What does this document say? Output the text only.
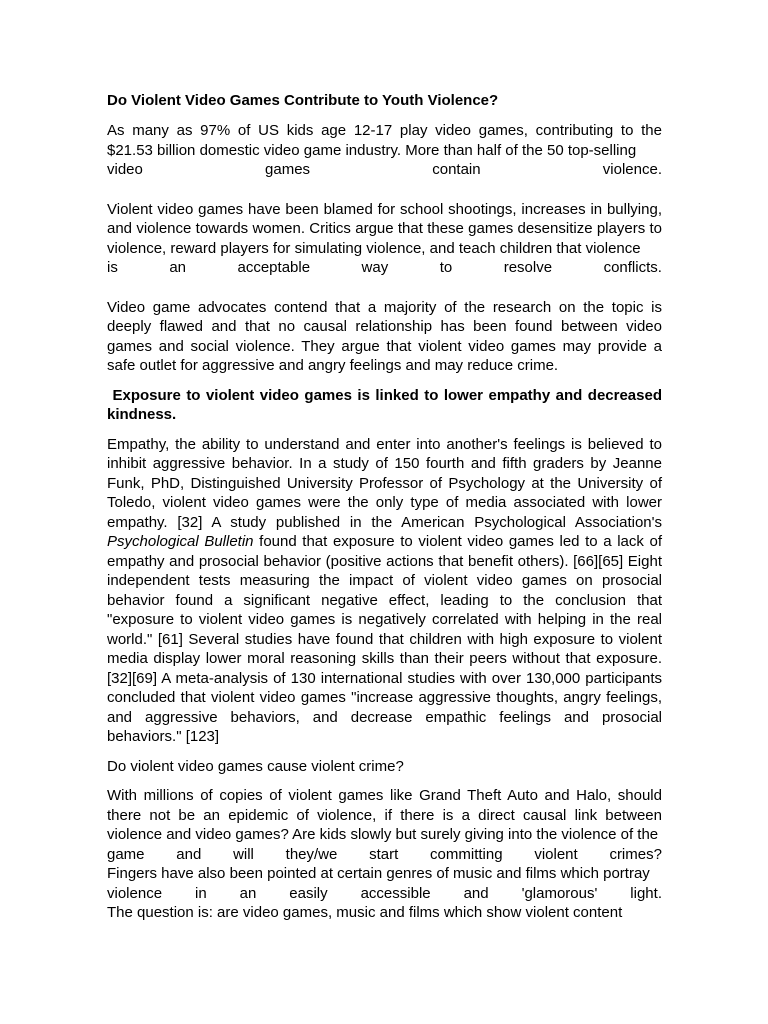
Do Violent Video Games Contribute to Youth Violence?
As many as 97% of US kids age 12-17 play video games, contributing to the $21.53 billion domestic video game industry. More than half of the 50 top-selling
video	games	contain	violence.
Violent video games have been blamed for school shootings, increases in bullying, and violence towards women. Critics argue that these games desensitize players to violence, reward players for simulating violence, and teach children that violence
is	an	acceptable	way	to	resolve	conflicts.
Video game advocates contend that a majority of the research on the topic is deeply flawed and that no causal relationship has been found between video games and social violence. They argue that violent video games may provide a safe outlet for aggressive and angry feelings and may reduce crime.
Exposure to violent video games is linked to lower empathy and decreased kindness.
Empathy, the ability to understand and enter into another's feelings is believed to inhibit aggressive behavior. In a study of 150 fourth and fifth graders by Jeanne Funk, PhD, Distinguished University Professor of Psychology at the University of Toledo, violent video games were the only type of media associated with lower empathy. [32] A study published in the American Psychological Association's Psychological Bulletin found that exposure to violent video games led to a lack of empathy and prosocial behavior (positive actions that benefit others). [66][65] Eight independent tests measuring the impact of violent video games on prosocial behavior found a significant negative effect, leading to the conclusion that "exposure to violent video games is negatively correlated with helping in the real world." [61] Several studies have found that children with high exposure to violent media display lower moral reasoning skills than their peers without that exposure. [32][69] A meta-analysis of 130 international studies with over 130,000 participants concluded that violent video games "increase aggressive thoughts, angry feelings, and aggressive behaviors, and decrease empathic feelings and prosocial behaviors." [123]
Do violent video games cause violent crime?
With millions of copies of violent games like Grand Theft Auto and Halo, should there not be an epidemic of violence, if there is a direct causal link between violence and video games? Are kids slowly but surely giving into the violence of the
game and will they/we start committing violent crimes?
Fingers have also been pointed at certain genres of music and films which portray
violence in an easily accessible and 'glamorous' light.
The question is: are video games, music and films which show violent content
